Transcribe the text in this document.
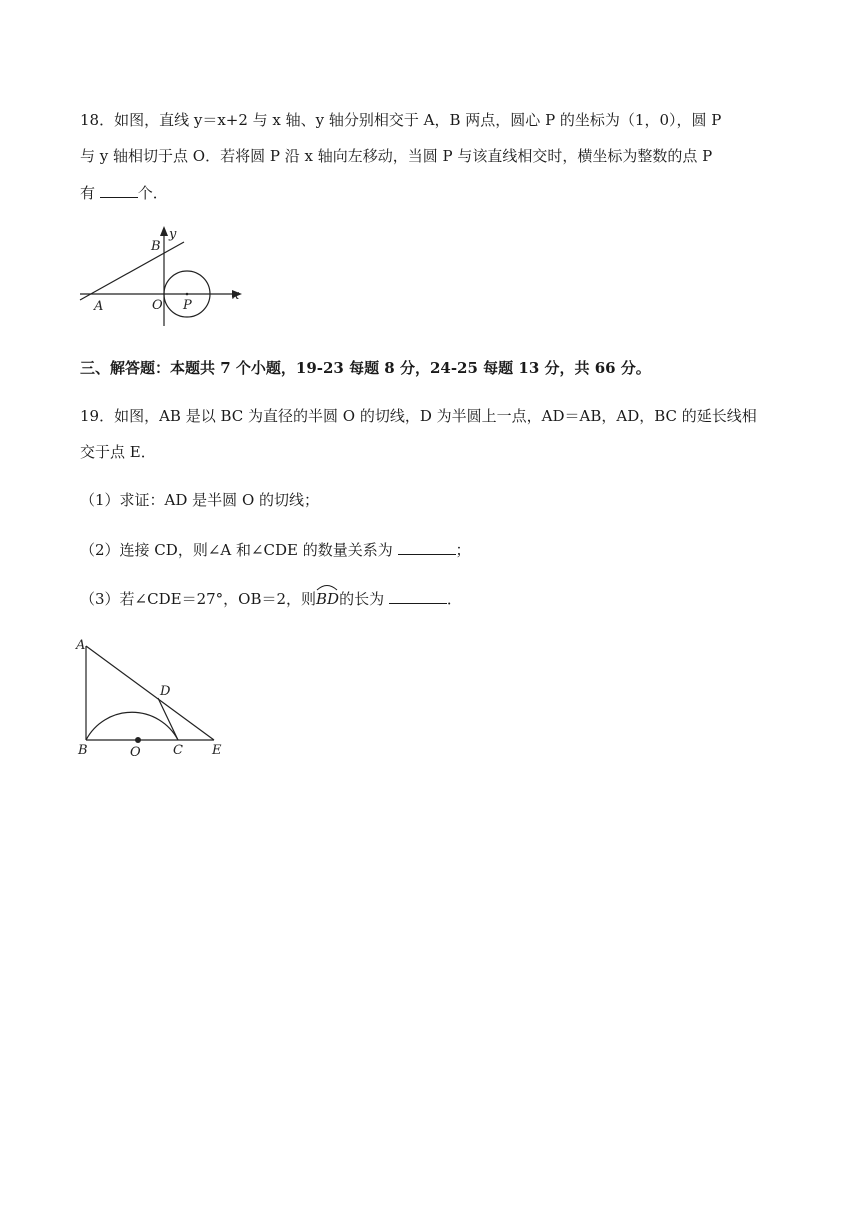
18．如图，直线 y＝x+2 与 x 轴、y 轴分别相交于 A，B 两点，圆心 P 的坐标为（1，0），圆 P
与 y 轴相切于点 O．若将圆 P 沿 x 轴向左移动，当圆 P 与该直线相交时，横坐标为整数的点 P
有	个．
B
y
A	O P
x
三、解答题：本题共 7 个小题，19-23 每题 8 分，24-25 每题 13 分，共 66 分。
19．如图，AB 是以 BC 为直径的半圆 O 的切线，D 为半圆上一点，AD＝AB，AD，BC 的延长线相
交于点 E．
（1）求证：AD 是半圆 O 的切线；
（2）连接 CD，则∠A 和∠CDE 的数量关系为	；
（3）若∠CDE＝27°，OB＝2，则
BD的长为	．
A
D
B	O C E
